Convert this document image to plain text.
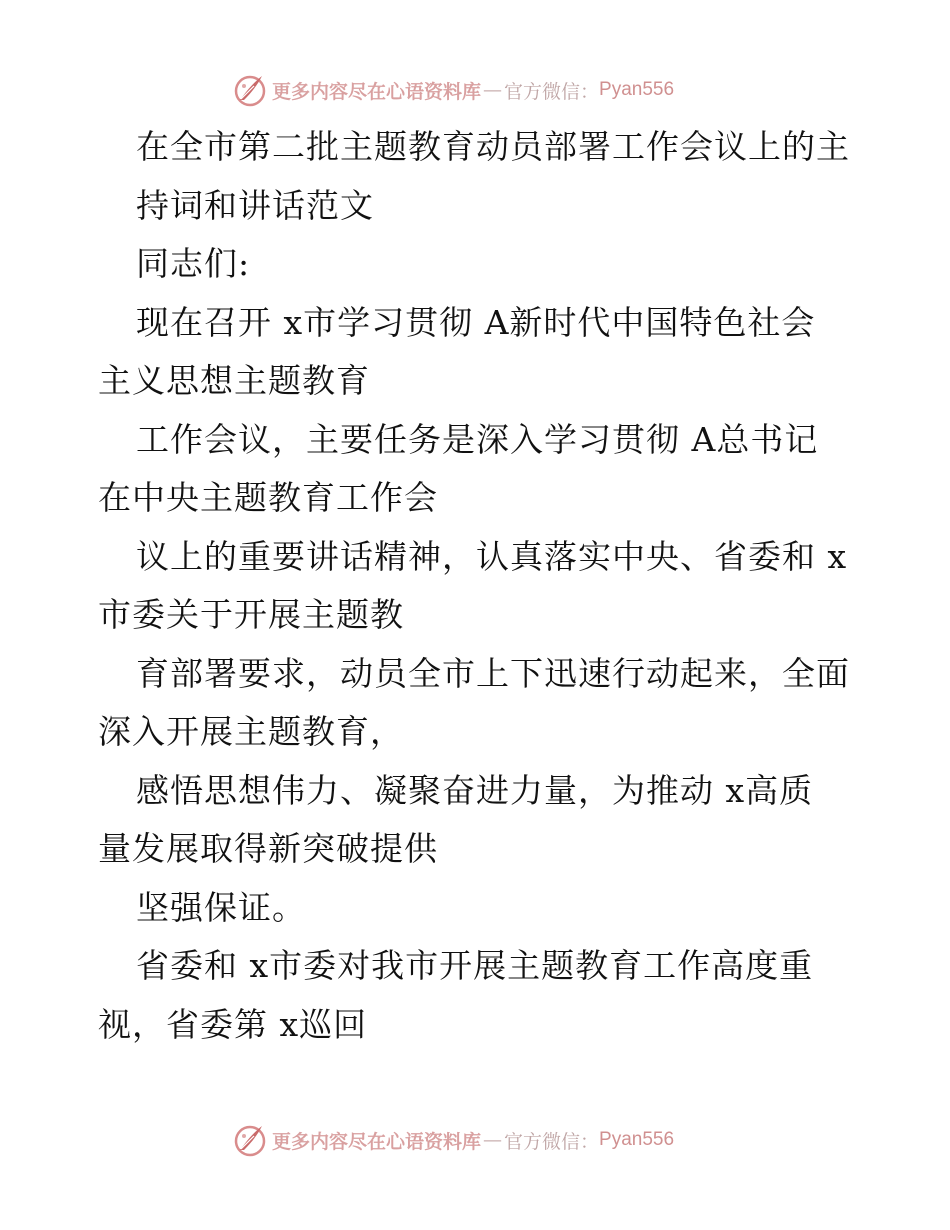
更多内容尽在心语资料库 — 官方微信： Pyan556
在全市第二批主题教育动员部署工作会议上的主
持词和讲话范文
同志们:
现在召开 x市学习贯彻 A新时代中国特色社会
主义思想主题教育
工作会议，主要任务是深入学习贯彻 A总书记
在中央主题教育工作会
议上的重要讲话精神，认真落实中央、省委和 x
市委关于开展主题教
育部署要求，动员全市上下迅速行动起来，全面
深入开展主题教育，
感悟思想伟力、凝聚奋进力量，为推动 x高质
量发展取得新突破提供
坚强保证。
省委和 x市委对我市开展主题教育工作高度重
视，省委第 x巡回
更多内容尽在心语资料库 — 官方微信： Pyan556
